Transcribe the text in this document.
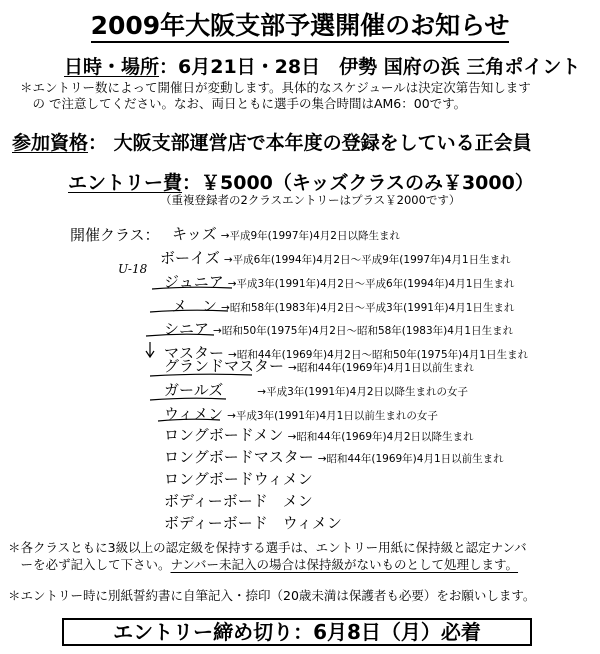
2009年大阪支部予選開催のお知らせ
日時・場所：6月21日・28日　伊勢 国府の浜 三角ポイント
＊エントリー数によって開催日が変動します。具体的なスケジュールは決定次第告知します
　の で注意してください。なお、両日ともに選手の集合時間はAM6：00です。
参加資格： 大阪支部運営店で本年度の登録をしている正会員
エントリー費：￥5000（キッズクラスのみ￥3000）
（重複登録者の2クラスエントリーはプラス￥2000です）
開催クラス：
U-18
キッズ →平成9年(1997年)4月2日以降生まれ
ボーイズ →平成6年(1994年)4月2日～平成9年(1997年)4月1日生まれ
ジュニア →平成3年(1991年)4月2日～平成6年(1994年)4月1日生まれ
メ　ン →昭和58年(1983年)4月2日～平成3年(1991年)4月1日生まれ
シニア →昭和50年(1975年)4月2日～昭和58年(1983年)4月1日生まれ
マスター →昭和44年(1969年)4月2日～昭和50年(1975年)4月1日生まれ
グランドマスター →昭和44年(1969年)4月1日以前生まれ
ガールズ	→平成3年(1991年)4月2日以降生まれの女子
ウィメン →平成3年(1991年)4月1日以前生まれの女子
ロングボードメン →昭和44年(1969年)4月2日以降生まれ
ロングボードマスター →昭和44年(1969年)4月1日以前生まれ
ロングボードウィメン
ボディーボード　メン
ボディーボード　ウィメン
＊各クラスともに3級以上の認定級を保持する選手は、エントリー用紙に保持級と認定ナンバ
　ーを必ず記入して下さい。ナンバー未記入の場合は保持級がないものとして処理します。
＊エントリー時に別紙誓約書に自筆記入・捺印（20歳未満は保護者も必要）をお願いします。
エントリー締め切り：6月8日（月）必着
